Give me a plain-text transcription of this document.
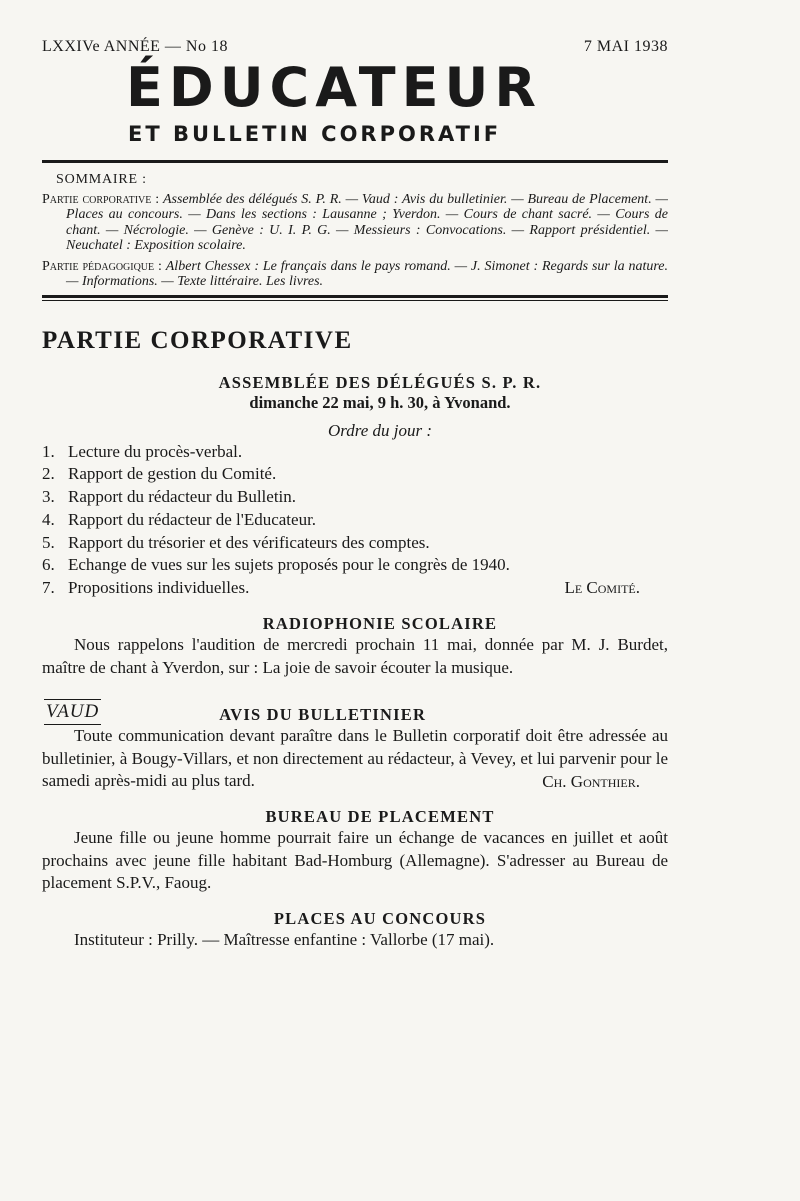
LXXIVe ANNÉE — No 18	7 MAI 1938
ÉDUCATEUR
ET BULLETIN CORPORATIF
SOMMAIRE :

Partie corporative : Assemblée des délégués S. P. R. — Vaud : Avis du bulletinier. — Bureau de Placement. — Places au concours. — Dans les sections : Lausanne ; Yverdon. — Cours de chant sacré. — Cours de chant. — Nécrologie. — Genève : U. I. P. G. — Messieurs : Convocations. — Rapport présidentiel. — Neuchatel : Exposition scolaire.

Partie pédagogique : Albert Chessex : Le français dans le pays romand. — J. Simonet : Regards sur la nature. — Informations. — Texte littéraire. Les livres.

PARTIE CORPORATIVE
ASSEMBLÉE DES DÉLÉGUÉS S. P. R.
dimanche 22 mai, 9 h. 30, à Yvonand.
Ordre du jour :
1. Lecture du procès-verbal.
2. Rapport de gestion du Comité.
3. Rapport du rédacteur du Bulletin.
4. Rapport du rédacteur de l'Educateur.
5. Rapport du trésorier et des vérificateurs des comptes.
6. Echange de vues sur les sujets proposés pour le congrès de 1940.
7. Propositions individuelles.	Le Comité.
RADIOPHONIE SCOLAIRE

Nous rappelons l'audition de mercredi prochain 11 mai, donnée par M. J. Burdet, maître de chant à Yverdon, sur : La joie de savoir écouter la musique.

VAUD	AVIS DU BULLETINIER

Toute communication devant paraître dans le Bulletin corporatif doit être adressée au bulletinier, à Bougy-Villars, et non directement au rédacteur, à Vevey, et lui parvenir pour le samedi après-midi au plus tard.	Ch. Gonthier.
BUREAU DE PLACEMENT

Jeune fille ou jeune homme pourrait faire un échange de vacances en juillet et août prochains avec jeune fille habitant Bad-Homburg (Allemagne). S'adresser au Bureau de placement S.P.V., Faoug.

PLACES AU CONCOURS

Instituteur : Prilly. — Maîtresse enfantine : Vallorbe (17 mai).
